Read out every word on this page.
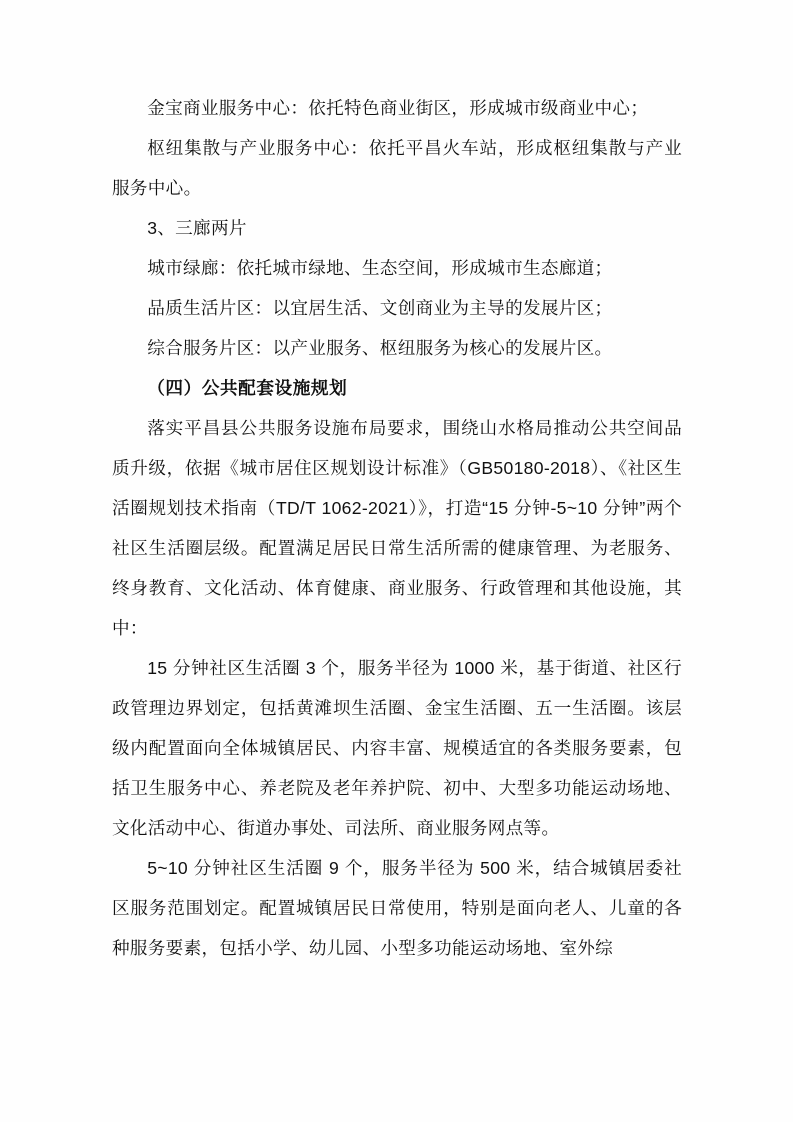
金宝商业服务中心：依托特色商业街区，形成城市级商业中心；

枢纽集散与产业服务中心：依托平昌火车站，形成枢纽集散与产业服务中心。

3、三廊两片

城市绿廊：依托城市绿地、生态空间，形成城市生态廊道；

品质生活片区：以宜居生活、文创商业为主导的发展片区；

综合服务片区：以产业服务、枢纽服务为核心的发展片区。

（四）公共配套设施规划

落实平昌县公共服务设施布局要求，围绕山水格局推动公共空间品质升级，依据《城市居住区规划设计标准》（GB50180-2018）、《社区生活圈规划技术指南（TD/T 1062-2021）》，打造“15 分钟-5~10 分钟”两个社区生活圈层级。配置满足居民日常生活所需的健康管理、为老服务、终身教育、文化活动、体育健康、商业服务、行政管理和其他设施，其中：

15 分钟社区生活圈 3 个，服务半径为 1000 米，基于街道、社区行政管理边界划定，包括黄滩坝生活圈、金宝生活圈、五一生活圈。该层级内配置面向全体城镇居民、内容丰富、规模适宜的各类服务要素，包括卫生服务中心、养老院及老年养护院、初中、大型多功能运动场地、文化活动中心、街道办事处、司法所、商业服务网点等。

5~10 分钟社区生活圈 9 个，服务半径为 500 米，结合城镇居委社区服务范围划定。配置城镇居民日常使用，特别是面向老人、儿童的各种服务要素，包括小学、幼儿园、小型多功能运动场地、室外综
